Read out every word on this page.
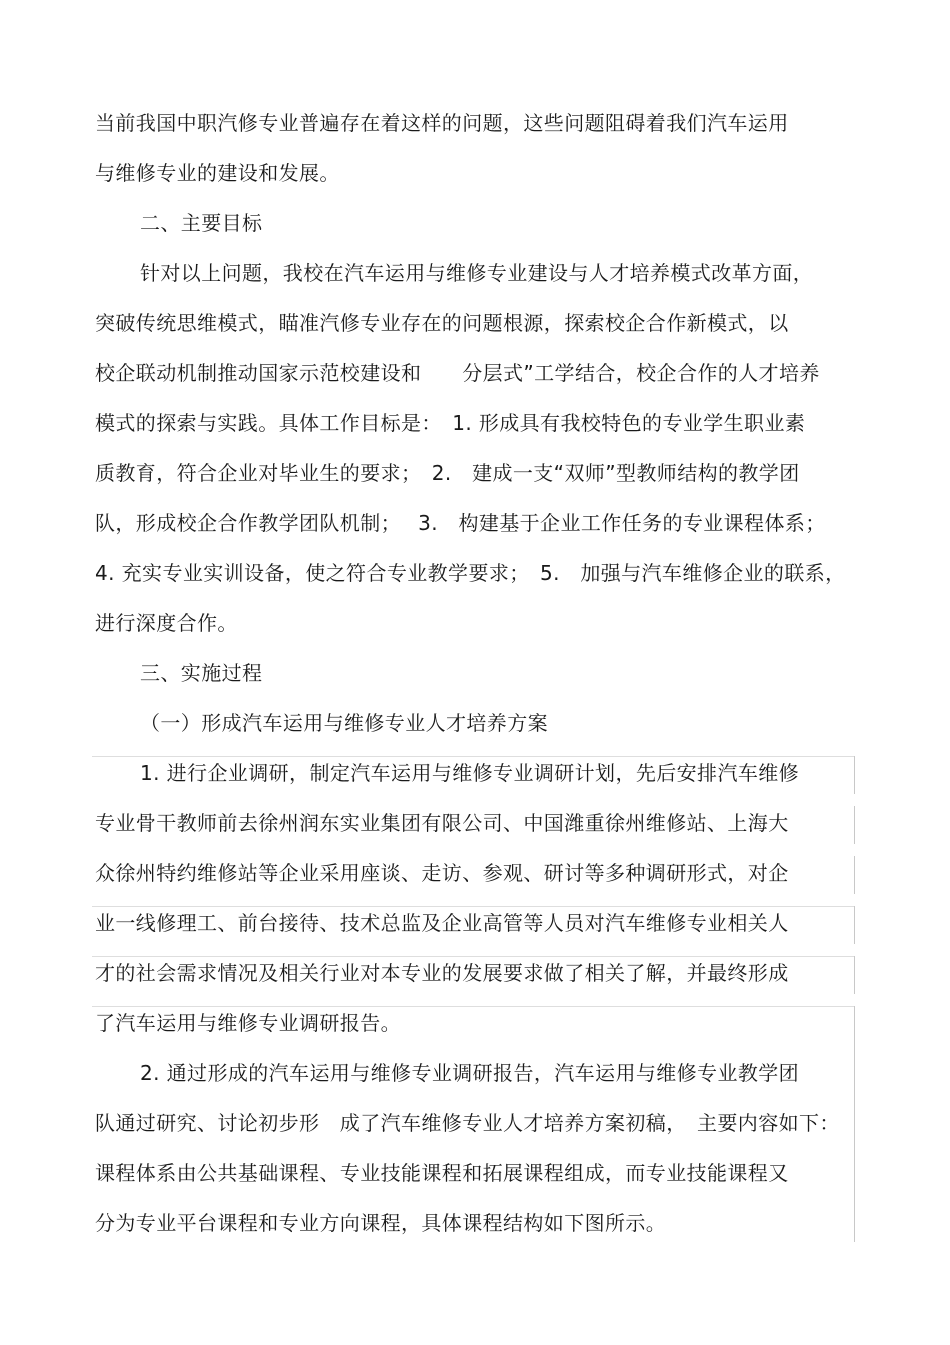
当前我国中职汽修专业普遍存在着这样的问题，这些问题阻碍着我们汽车运用
与维修专业的建设和发展。
二、主要目标
针对以上问题，我校在汽车运用与维修专业建设与人才培养模式改革方面，
突破传统思维模式，瞄准汽修专业存在的问题根源，探索校企合作新模式，以
校企联动机制推动国家示范校建设和　　分层式”工学结合，校企合作的人才培养
模式的探索与实践。具体工作目标是：　1. 形成具有我校特色的专业学生职业素
质教育，符合企业对毕业生的要求；　2.　建成一支“双师”型教师结构的教学团
队，形成校企合作教学团队机制；　 3.　构建基于企业工作任务的专业课程体系；
4. 充实专业实训设备，使之符合专业教学要求；　5.　加强与汽车维修企业的联系，
进行深度合作。
三、实施过程
（一）形成汽车运用与维修专业人才培养方案
1. 进行企业调研，制定汽车运用与维修专业调研计划，先后安排汽车维修
专业骨干教师前去徐州润东实业集团有限公司、中国潍重徐州维修站、上海大
众徐州特约维修站等企业采用座谈、走访、参观、研讨等多种调研形式，对企
业一线修理工、前台接待、技术总监及企业高管等人员对汽车维修专业相关人
才的社会需求情况及相关行业对本专业的发展要求做了相关了解，并最终形成
了汽车运用与维修专业调研报告。
2. 通过形成的汽车运用与维修专业调研报告，汽车运用与维修专业教学团
队通过研究、讨论初步形　成了汽车维修专业人才培养方案初稿，　主要内容如下：
课程体系由公共基础课程、专业技能课程和拓展课程组成，而专业技能课程又
分为专业平台课程和专业方向课程，具体课程结构如下图所示。
